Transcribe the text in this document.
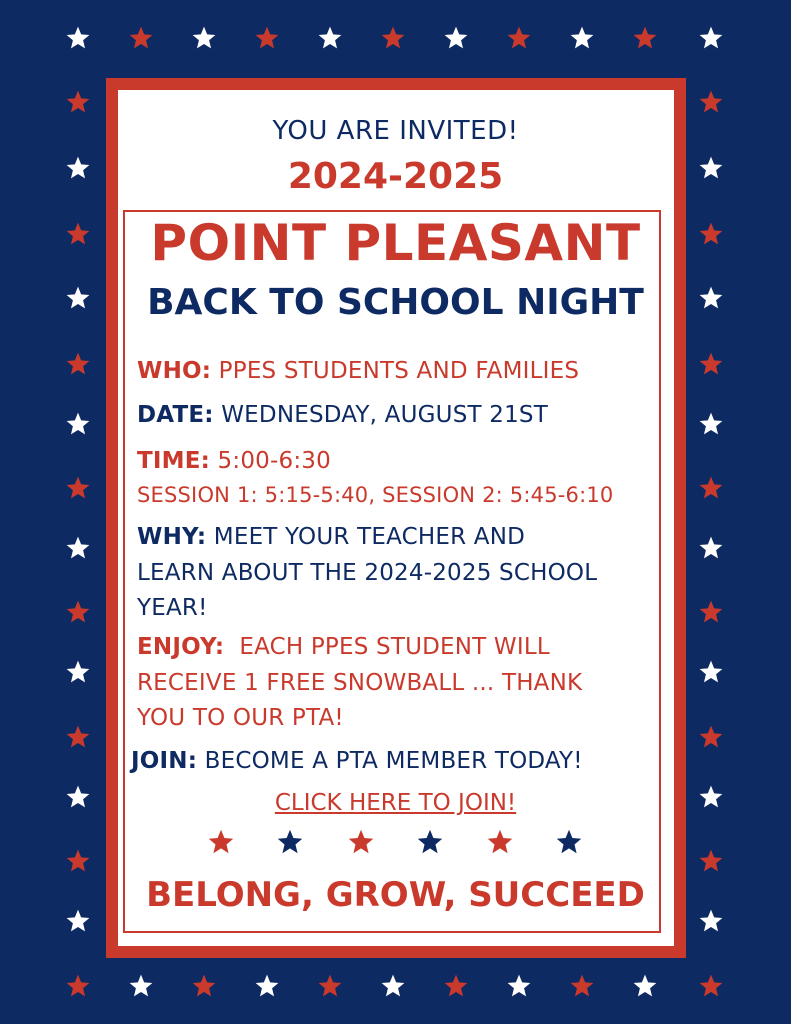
YOU ARE INVITED!
2024-2025
POINT PLEASANT
BACK TO SCHOOL NIGHT
WHO: PPES STUDENTS AND FAMILIES
DATE: WEDNESDAY, AUGUST 21ST
TIME: 5:00-6:30
SESSION 1: 5:15-5:40, SESSION 2: 5:45-6:10
WHY: MEET YOUR TEACHER AND
LEARN ABOUT THE 2024-2025 SCHOOL
YEAR!
ENJOY:  EACH PPES STUDENT WILL
RECEIVE 1 FREE SNOWBALL ... THANK
YOU TO OUR PTA!
JOIN: BECOME A PTA MEMBER TODAY!
CLICK HERE TO JOIN!
BELONG, GROW, SUCCEED
